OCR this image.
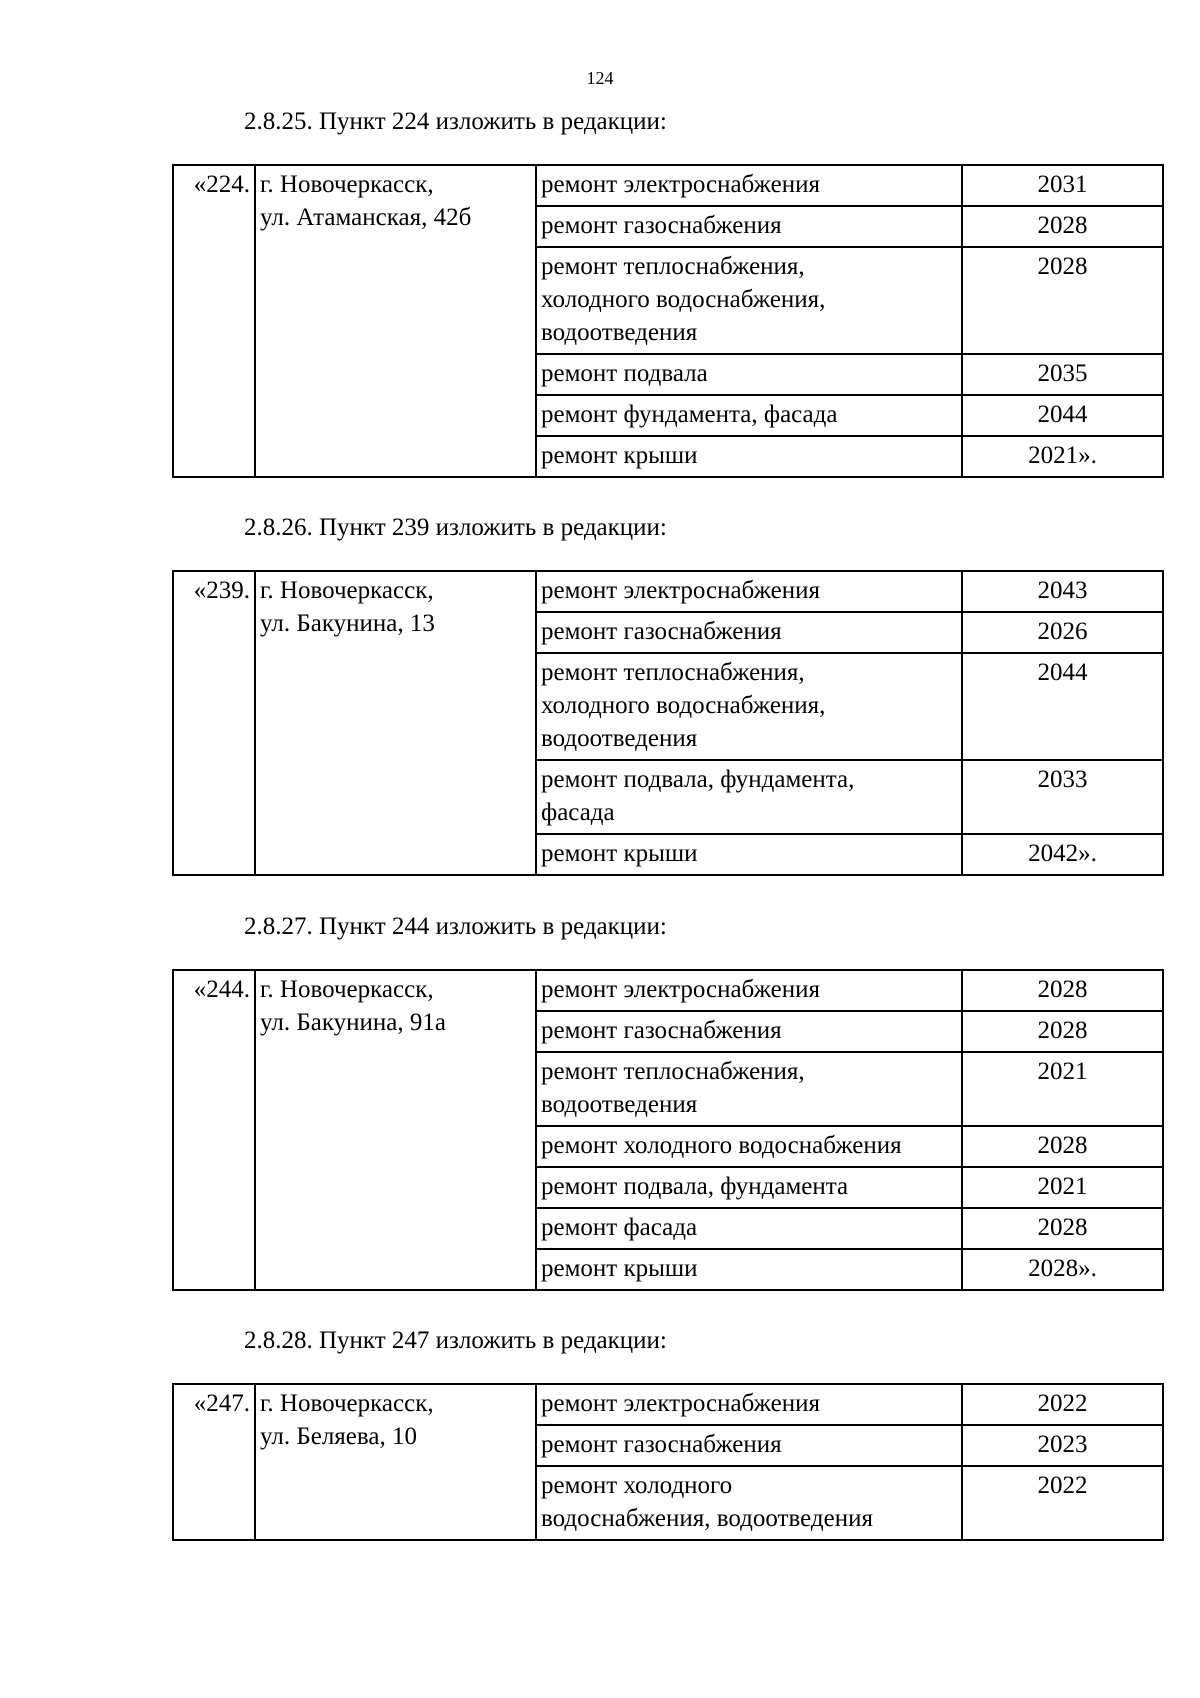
124
2.8.25. Пункт 224 изложить в редакции:
«224.	г. Новочеркасск,
ул. Атаманская, 42б	ремонт электроснабжения	2031

		ремонт газоснабжения	2028

		ремонт теплоснабжения,
холодного водоснабжения,
водоотведения	2028

		ремонт подвала	2035

		ремонт фундамента, фасада	2044

		ремонт крыши	2021».
2.8.26. Пункт 239 изложить в редакции:
«239.	г. Новочеркасск,
ул. Бакунина, 13	ремонт электроснабжения	2043

		ремонт газоснабжения	2026

		ремонт теплоснабжения,
холодного водоснабжения,
водоотведения	2044

		ремонт подвала, фундамента,
фасада	2033

		ремонт крыши	2042».
2.8.27. Пункт 244 изложить в редакции:
«244.	г. Новочеркасск,
ул. Бакунина, 91а	ремонт электроснабжения	2028

		ремонт газоснабжения	2028

		ремонт теплоснабжения,
водоотведения	2021

		ремонт холодного водоснабжения	2028

		ремонт подвала, фундамента	2021

		ремонт фасада	2028

		ремонт крыши	2028».
2.8.28. Пункт 247 изложить в редакции:
«247.	г. Новочеркасск,
ул. Беляева, 10	ремонт электроснабжения	2022

		ремонт газоснабжения	2023

		ремонт холодного
водоснабжения, водоотведения	2022
